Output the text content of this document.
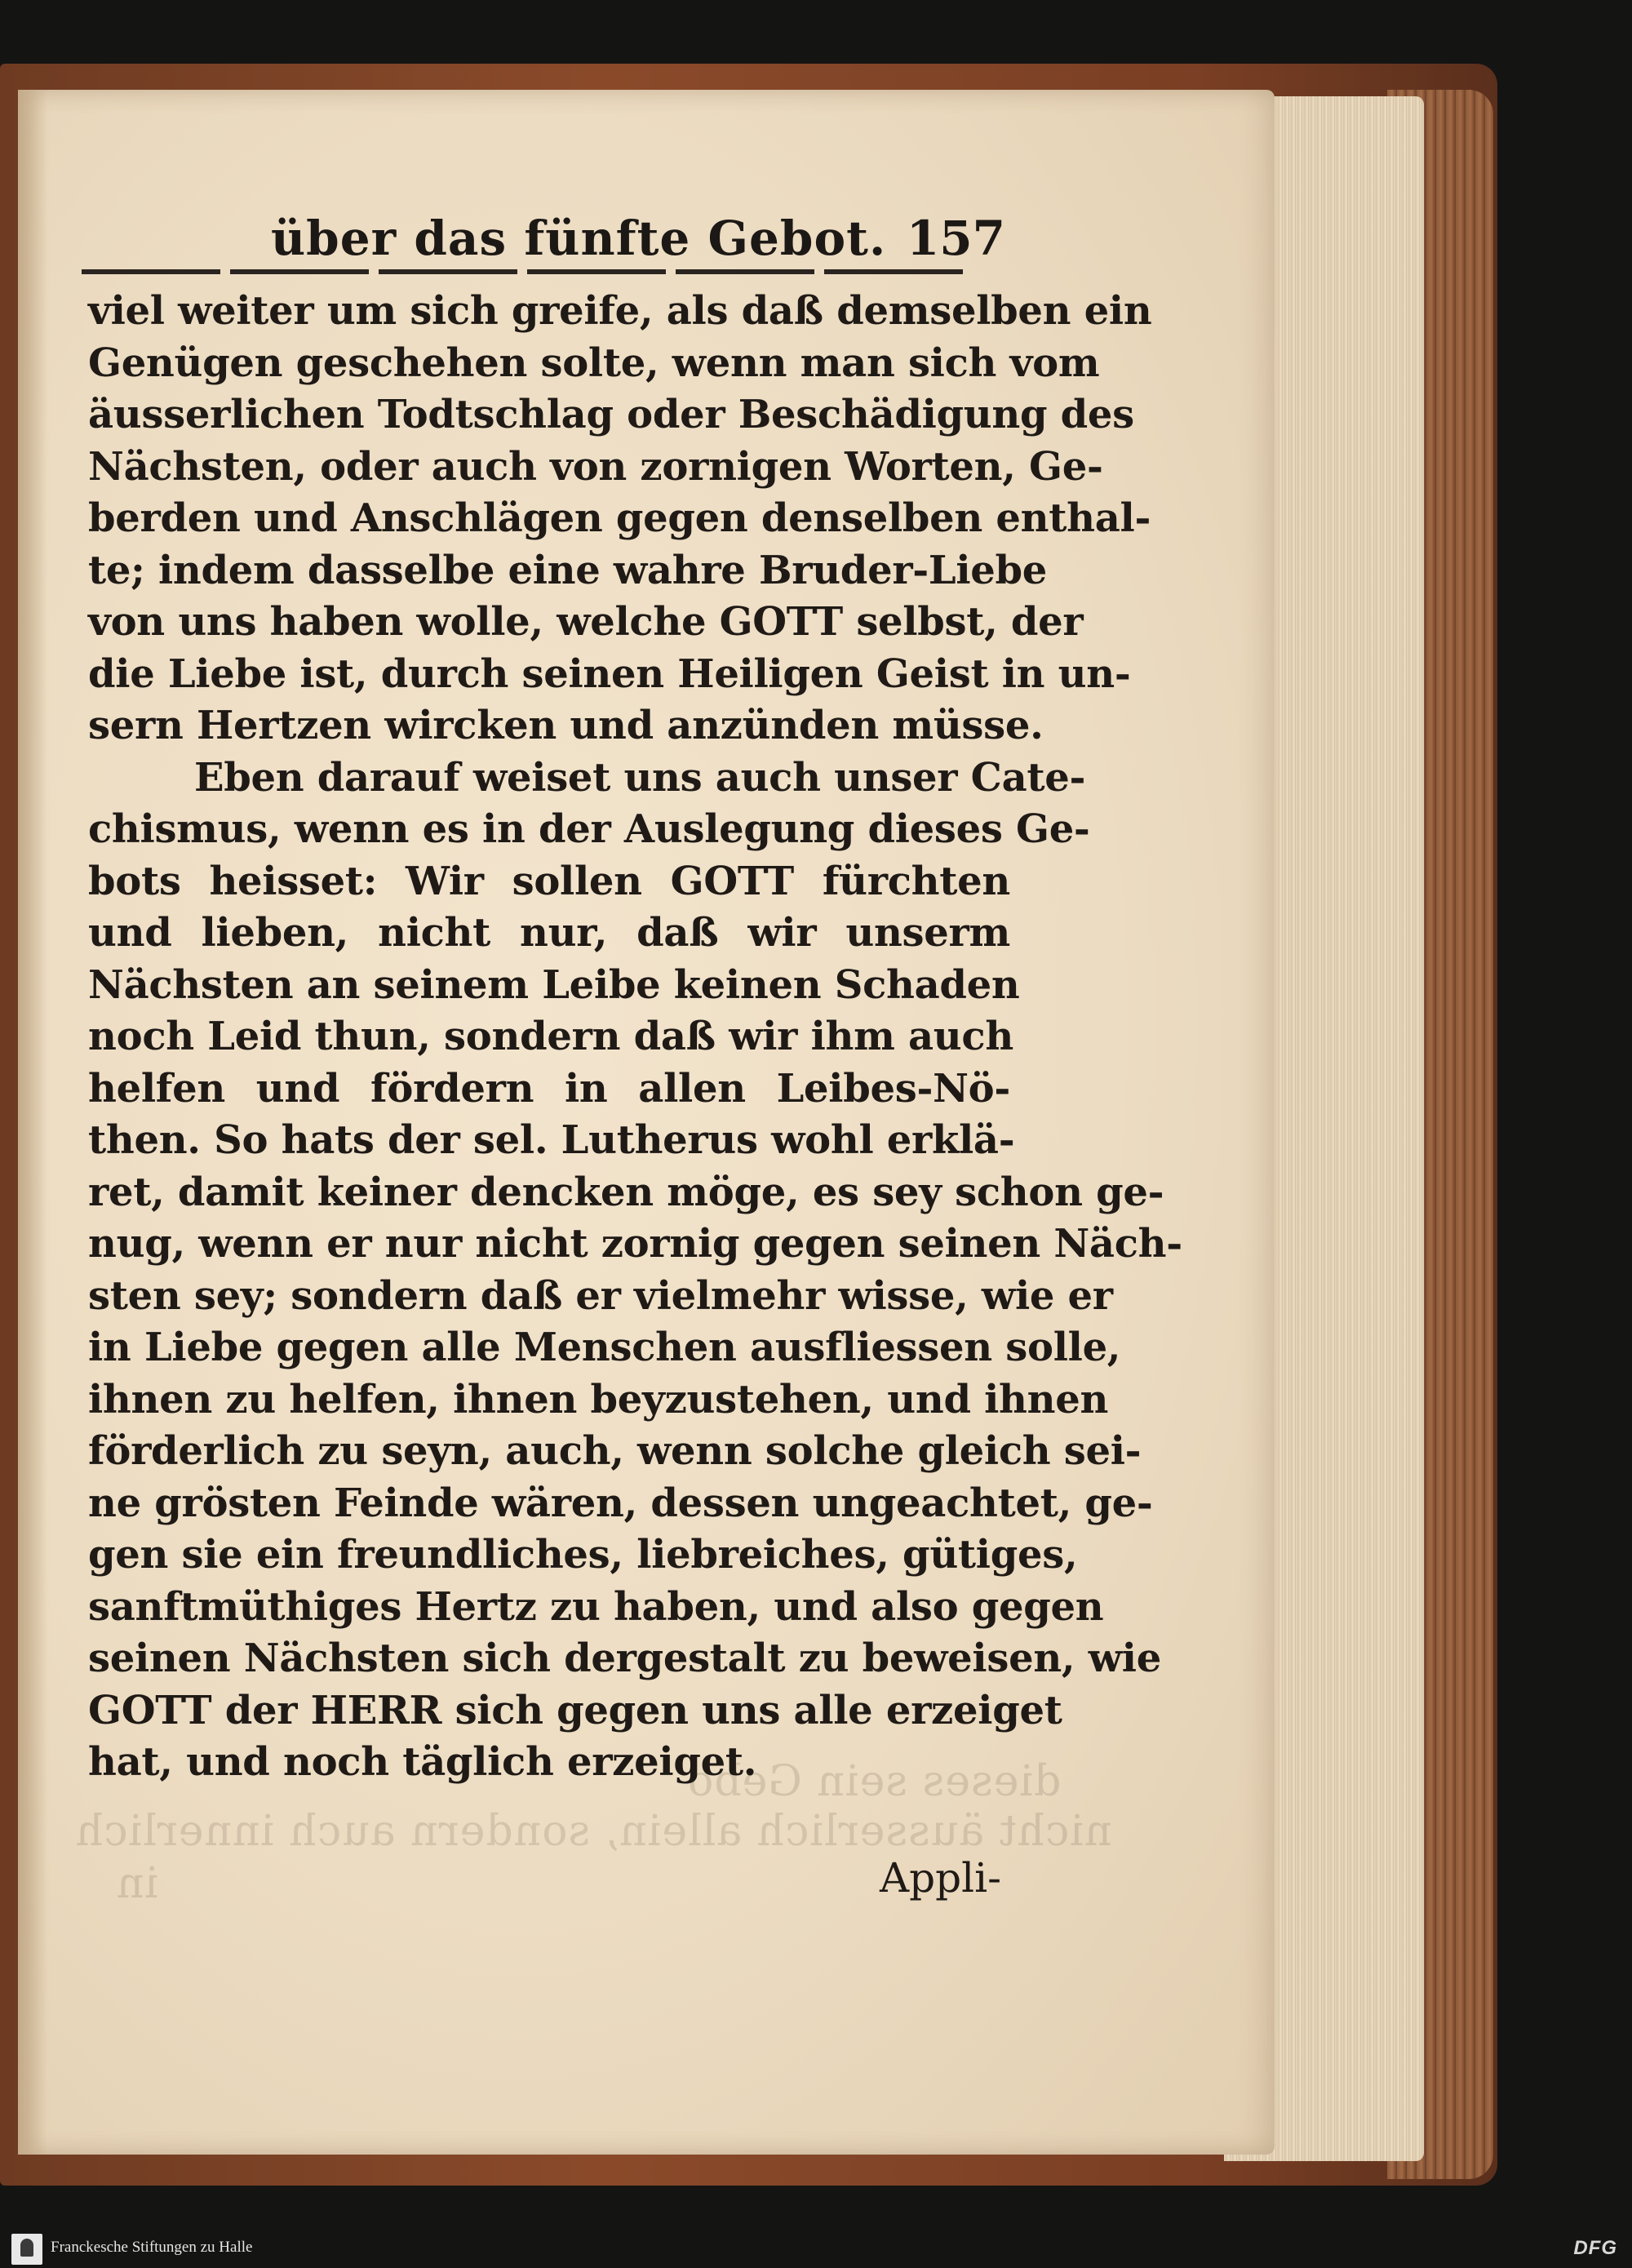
dieses sein Gebo
nicht äusserlich allein, sondern auch innerlich
in
über das fünfte Gebot. 157
viel weiter um sich greife, als daß demselben ein
Genügen geschehen solte, wenn man sich vom
äusserlichen Todtschlag oder Beschädigung des
Nächsten, oder auch von zornigen Worten, Ge-
berden und Anschlägen gegen denselben enthal-
te; indem dasselbe eine wahre Bruder-Liebe
von uns haben wolle, welche GOTT selbst, der
die Liebe ist, durch seinen Heiligen Geist in un-
sern Hertzen wircken und anzünden müsse.
Eben darauf weiset uns auch unser Cate-
chismus, wenn es in der Auslegung dieses Ge-
bots heisset: Wir sollen GOTT fürchten
und lieben, nicht nur, daß wir unserm
Nächsten an seinem Leibe keinen Schaden
noch Leid thun, sondern daß wir ihm auch
helfen und fördern in allen Leibes-Nö-
then. So hats der sel. Lutherus wohl erklä-
ret, damit keiner dencken möge, es sey schon ge-
nug, wenn er nur nicht zornig gegen seinen Näch-
sten sey; sondern daß er vielmehr wisse, wie er
in Liebe gegen alle Menschen ausfliessen solle,
ihnen zu helfen, ihnen beyzustehen, und ihnen
förderlich zu seyn, auch, wenn solche gleich sei-
ne grösten Feinde wären, dessen ungeachtet, ge-
gen sie ein freundliches, liebreiches, gütiges,
sanftmüthiges Hertz zu haben, und also gegen
seinen Nächsten sich dergestalt zu beweisen, wie
GOTT der HERR sich gegen uns alle erzeiget
hat, und noch täglich erzeiget.
Appli-
Franckesche Stiftungen zu Halle	DFG
